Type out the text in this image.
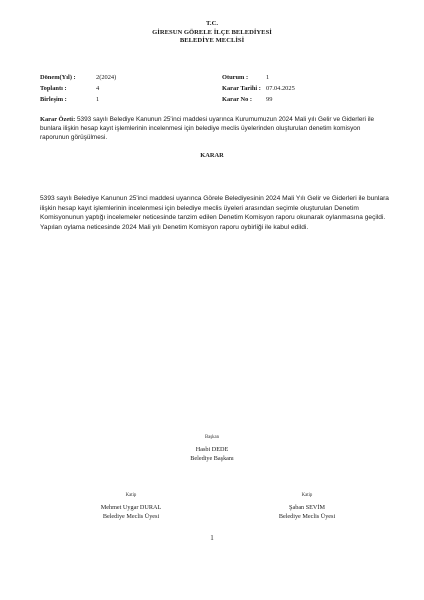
T.C.
GİRESUN GÖRELE İLÇE BELEDİYESİ
BELEDİYE MECLİSİ
Dönem(Yıl) :	2(2024)	Oturum :	1
Toplantı :	4	Karar Tarihi : 07.04.2025
Birleşim :	1	Karar No : 99
Karar Özeti: 5393 sayılı Belediye Kanunun 25'inci maddesi uyarınca Kurumumuzun 2024 Mali yılı Gelir ve Giderleri ile bunlara ilişkin hesap kayıt işlemlerinin incelenmesi için belediye meclis üyelerinden oluşturulan denetim komisyon raporunun görüşülmesi.
KARAR
5393 sayılı Belediye Kanunun 25'inci maddesi uyarınca Görele Belediyesinin 2024 Mali Yılı Gelir ve Giderleri ile bunlara ilişkin hesap kayıt işlemlerinin incelenmesi için belediye meclis üyeleri arasından seçimle oluşturulan Denetim Komisyonunun yaptığı incelemeler neticesinde tanzim edilen Denetim Komisyon raporu okunarak oylanmasına geçildi. Yapılan oylama neticesinde 2024 Mali yılı Denetim Komisyon raporu oybirliği ile kabul edildi.
Başkan
Hasbi DEDE
Belediye Başkanı
Katip
Mehmet Uygar DURAL
Belediye Meclis Üyesi
Katip
Şaban SEVİM
Belediye Meclis Üyesi
1
